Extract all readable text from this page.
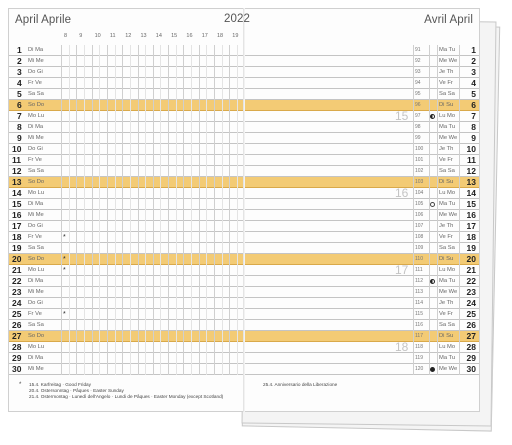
April Aprile
8 9 10 11 12 13 14 15 16 17 18 19
1 Di Ma
2 Mi Me
3 Do Gi
4 Fr Ve
5 Sa Sa
6 So Do
7 Mo Lu
8 Di Ma
9 Mi Me
10 Do Gi
11 Fr Ve
12 Sa Sa
13 So Do
14 Mo Lu
15 Di Ma
16 Mi Me
17 Do Gi
18 Fr Ve	*
19 Sa Sa
20 So Do	*
21 Mo Lu	*
22 Di Ma
23 Mi Me
24 Do Gi
25 Fr Ve	*
26 Sa Sa
27 So Do
28 Mo Lu
29 Di Ma
30 Mi Me
*	15.4. Karfreitag · Good Friday
20.4. Ostersonntag · Pâques · Easter Sunday
21.4. Ostermontag · Lunedì dell'Angelo · Lundi de Pâques · Easter Monday (except Scotland)
Avril April
91	Ma Tu 1
92	Me We 2
93	Je Th 3
94	Ve Fr 4
95	Sa Sa 5
96	Di Su 6
97	Lu Mo 7
98	Ma Tu 8
99	Me We 9
100	Je Th 10
101	Ve Fr 11
102	Sa Sa 12
103	Di Su 13
104	Lu Mo 14
105	Ma Tu 15
106	Me We 16
107	Je Th 17
108	Ve Fr 18
109	Sa Sa 19
110	Di Su 20
111	Lu Mo 21
112	Ma Tu 22
113	Me We 23
114	Je Th 24
115	Ve Fr 25
116	Sa Sa 26
117	Di Su 27
118	Lu Mo 28
119	Ma Tu 29
120	Me We 30
25.4. Anniversario della Liberazione
15
16
17
18
2022
